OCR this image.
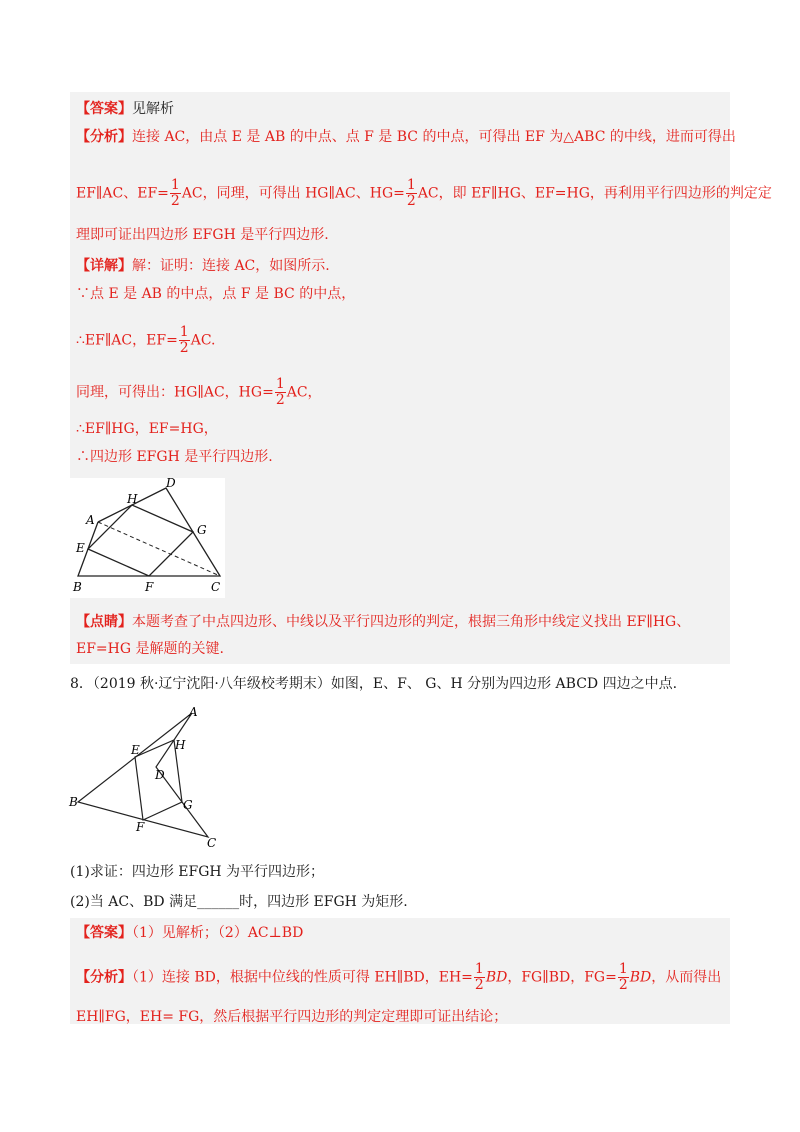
【答案】见解析
【分析】连接 AC，由点 E 是 AB 的中点、点 F 是 BC 的中点，可得出 EF 为△ABC 的中线，进而可得出
EF∥AC、$EF= \frac{1}{2}$ AC，同理，可得出 HG∥AC、$HG= \frac{1}{2}$ AC，即 EF∥HG、EF=HG，再利用平行四边形的判定定
理即可证出四边形 EFGH 是平行四边形.
【详解】解：证明：连接 AC，如图所示.
∵点 E 是 AB 的中点，点 F 是 BC 的中点，
∴EF∥AC，$EF= \frac{1}{2}$ AC.
同理，可得出：HG∥AC，$HG= \frac{1}{2}$ AC，
∴EF∥HG，EF=HG，
∴四边形 EFGH 是平行四边形.
A
D
H
G
E
B	F	C
【点睛】本题考查了中点四边形、中线以及平行四边形的判定，根据三角形中线定义找出 EF∥HG、
EF=HG 是解题的关键.
8．（2019 秋·辽宁沈阳·八年级校考期末）如图，E、F、 G、H 分别为四边形 ABCD 四边之中点.
A
E	H
D
B	G
F
C
(1)求证：四边形 EFGH 为平行四边形；
(2)当 AC、BD 满足______时，四边形 EFGH 为矩形.
【答案】（1）见解析；（2）AC⊥BD
【分析】（1）连接 BD，根据中位线的性质可得 EH∥BD，$EH= \frac{1}{2}$ BD，FG∥BD，$FG= \frac{1}{2}$ BD，从而得出
EH∥FG，EH= FG，然后根据平行四边形的判定定理即可证出结论；
